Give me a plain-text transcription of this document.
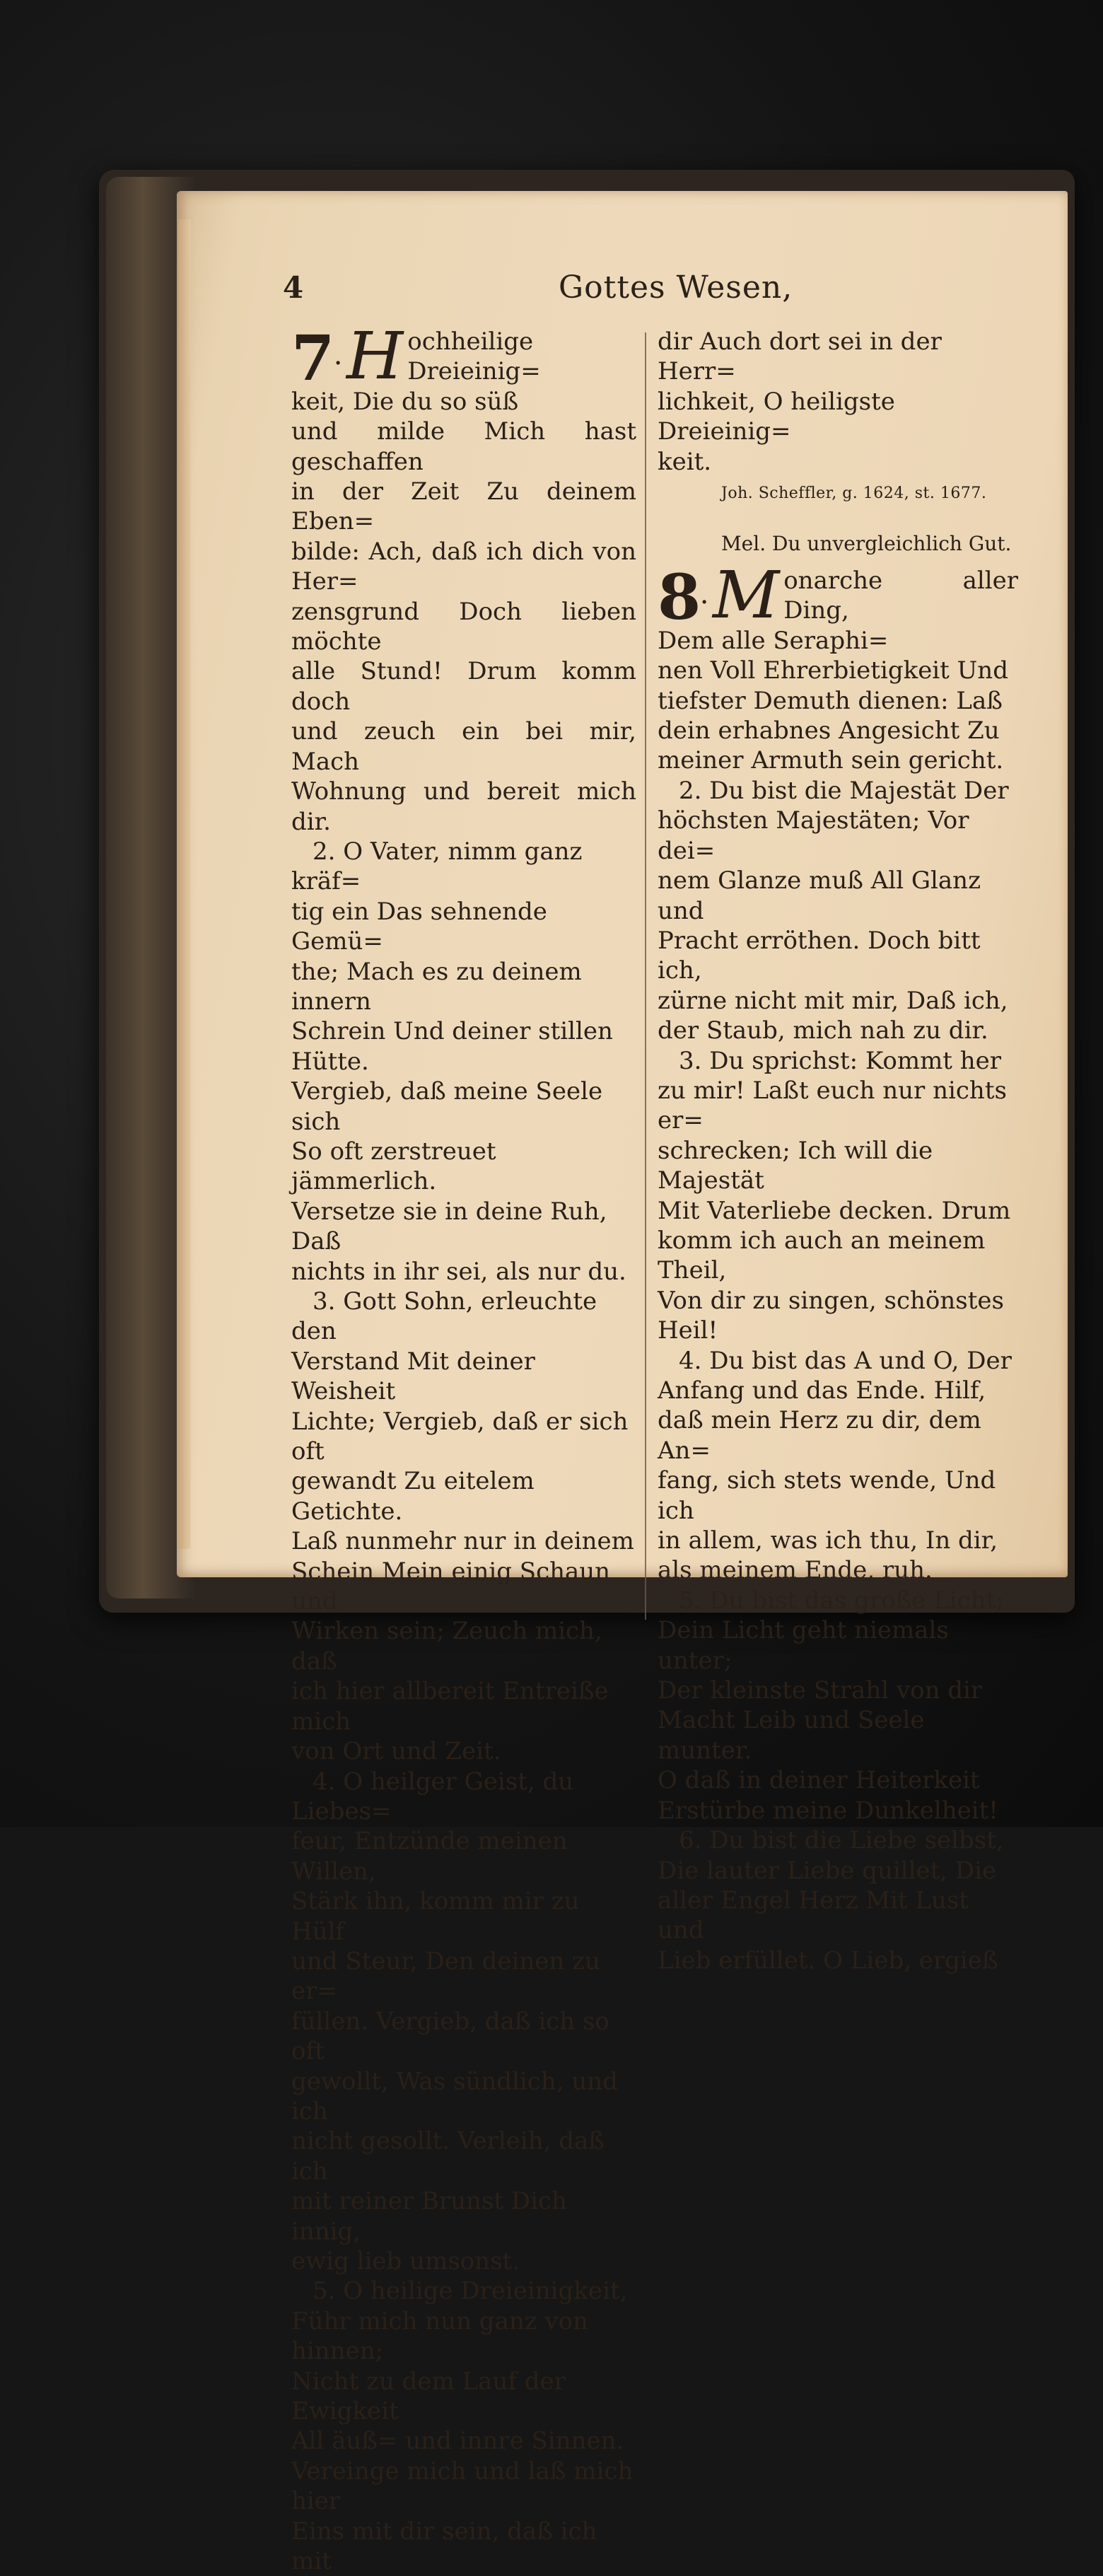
4	Gottes Wesen,
7. H ochheilige Dreieinig=
keit, Die du so süß
und milde Mich hast geschaffen
in der Zeit Zu deinem Eben=
bilde: Ach, daß ich dich von Her=
zensgrund Doch lieben möchte
alle Stund! Drum komm doch
und zeuch ein bei mir, Mach
Wohnung und bereit mich dir.

2. O Vater, nimm ganz kräf=
tig ein Das sehnende Gemü=
the; Mach es zu deinem innern
Schrein Und deiner stillen Hütte.
Vergieb, daß meine Seele sich
So oft zerstreuet jämmerlich.
Versetze sie in deine Ruh, Daß
nichts in ihr sei, als nur du.

3. Gott Sohn, erleuchte den
Verstand Mit deiner Weisheit
Lichte; Vergieb, daß er sich oft
gewandt Zu eitelem Getichte.
Laß nunmehr nur in deinem
Schein Mein einig Schaun und
Wirken sein; Zeuch mich, daß
ich hier allbereit Entreiße mich
von Ort und Zeit.

4. O heilger Geist, du Liebes=
feur, Entzünde meinen Willen,
Stärk ihn, komm mir zu Hülf
und Steur, Den deinen zu er=
füllen. Vergieb, daß ich so oft
gewollt, Was sündlich, und ich
nicht gesollt. Verleih, daß ich
mit reiner Brunst Dich innig,
ewig lieb umsonst.

5. O heilige Dreieinigkeit,
Führ mich nun ganz von hinnen;
Nicht zu dem Lauf der Ewigkeit
All äuß= und innre Sinnen.
Vereinge mich und laß mich hier
Eins mit dir sein, daß ich mit

dir Auch dort sei in der Herr=
lichkeit, O heiligste Dreieinig=
keit.

Joh. Scheffler, g. 1624, st. 1677.

Mel. Du unvergleichlich Gut.

8. M onarche aller Ding,
Dem alle Seraphi=
nen Voll Ehrerbietigkeit Und
tiefster Demuth dienen: Laß
dein erhabnes Angesicht Zu
meiner Armuth sein gericht.

2. Du bist die Majestät Der
höchsten Majestäten; Vor dei=
nem Glanze muß All Glanz und
Pracht erröthen. Doch bitt ich,
zürne nicht mit mir, Daß ich,
der Staub, mich nah zu dir.

3. Du sprichst: Kommt her
zu mir! Laßt euch nur nichts er=
schrecken; Ich will die Majestät
Mit Vaterliebe decken. Drum
komm ich auch an meinem Theil,
Von dir zu singen, schönstes
Heil!

4. Du bist das A und O, Der
Anfang und das Ende. Hilf,
daß mein Herz zu dir, dem An=
fang, sich stets wende, Und ich
in allem, was ich thu, In dir,
als meinem Ende, ruh.

5. Du bist das große Licht;
Dein Licht geht niemals unter;
Der kleinste Strahl von dir
Macht Leib und Seele munter.
O daß in deiner Heiterkeit
Erstürbe meine Dunkelheit!

6. Du bist die Liebe selbst,
Die lauter Liebe quillet, Die
aller Engel Herz Mit Lust und
Lieb erfüllet. O Lieb, ergieß
